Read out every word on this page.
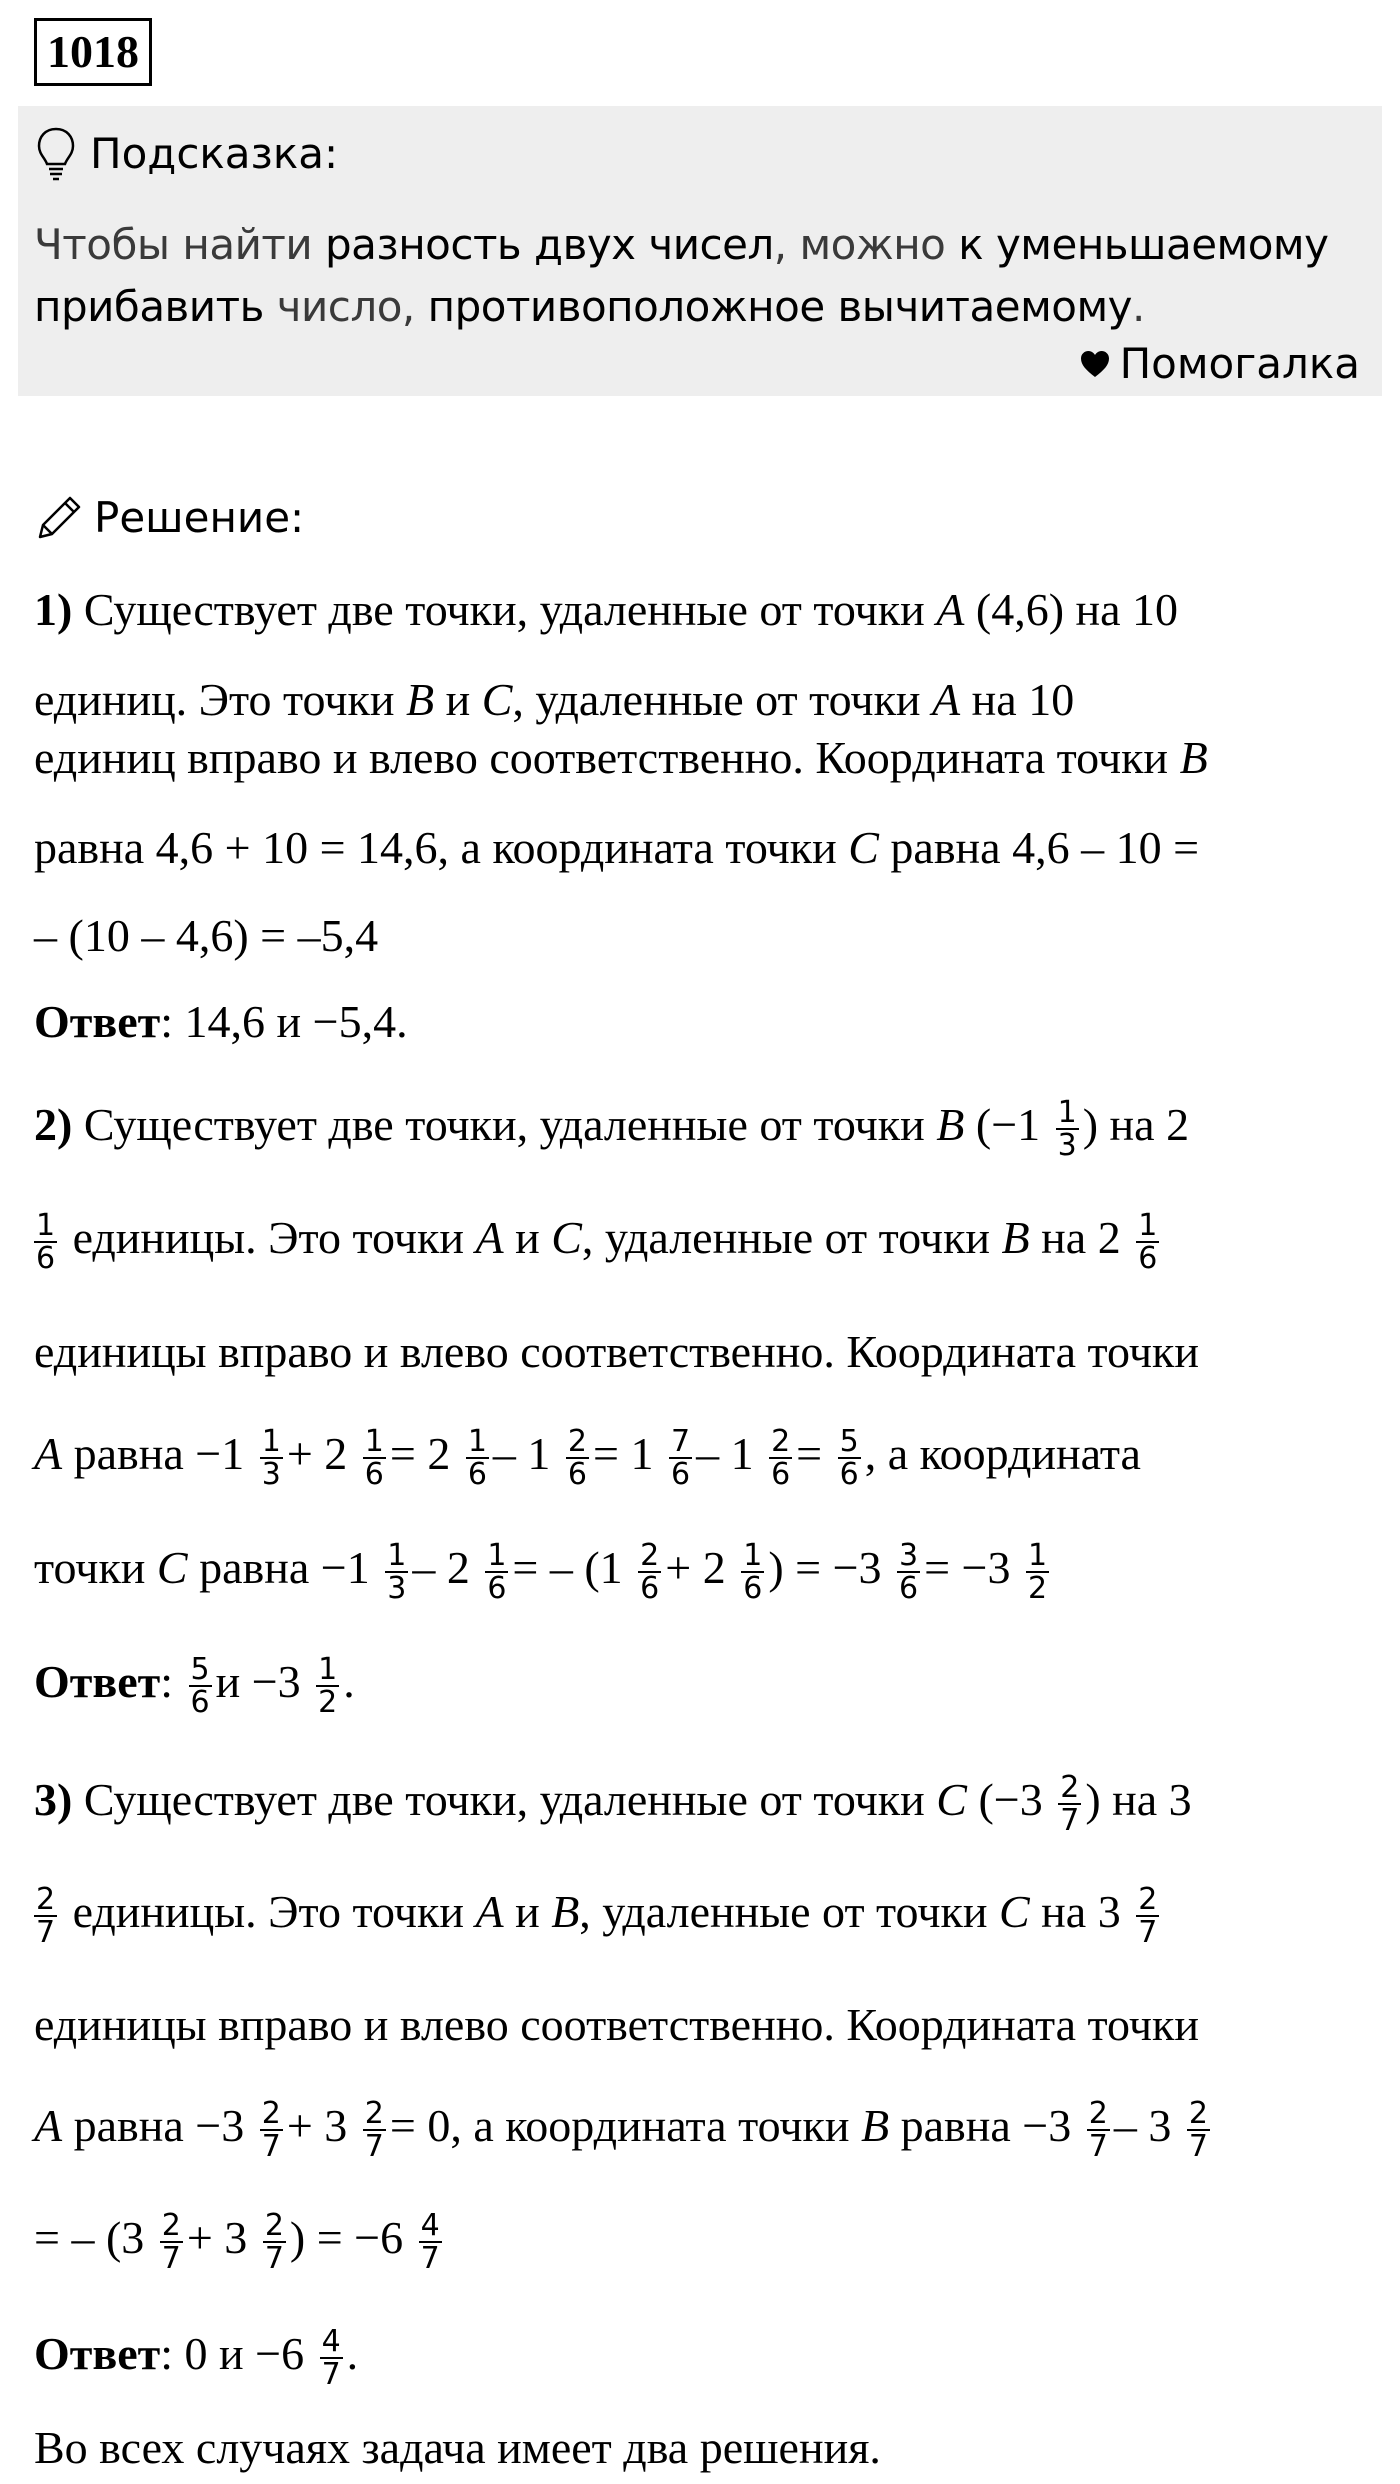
1018
Подсказка:
Чтобы найти разность двух чисел, можно к уменьшаемому
прибавить число, противоположное вычитаемому.
Помогалка
Решение:
1) Существует две точки, удаленные от точки A (4,6) на 10
единиц. Это точки B и C, удаленные от точки A на 10
единиц вправо и влево соответственно. Координата точки B
равна 4,6 + 10 = 14,6, а координата точки C равна 4,6 – 10 =
– (10 – 4,6) = –5,4
Ответ: 14,6 и −5,4.
2) Существует две точки, удаленные от точки B ($-1 \frac{1}{3}$ ) на 2
$\frac{1}{6}$ единицы. Это точки A и C, удаленные от точки B на $2 \frac{1}{6}$
единицы вправо и влево соответственно. Координата точки
A равна $-1 \frac{1}{3} + 2 \frac{1}{6} = 2 \frac{1}{6} - 1 \frac{2}{6} = 1 \frac{7}{6} - 1 \frac{2}{6} = \frac{5}{6}$ , а координата
точки C равна $-1 \frac{1}{3} - 2 \frac{1}{6}$ = – ($1 \frac{2}{6} + 2 \frac{1}{6}$ ) = $-3 \frac{3}{6} = -3 \frac{1}{2}$
Ответ: $\frac{5}{6}$ $и -3 \frac{1}{2}$ .
3) Существует две точки, удаленные от точки C ($-3 \frac{2}{7}$ ) на 3
$\frac{2}{7}$ единицы. Это точки A и B, удаленные от точки C на $3 \frac{2}{7}$
единицы вправо и влево соответственно. Координата точки
A равна $-3 \frac{2}{7} + 3 \frac{2}{7} = 0$, а координата точки B равна $-3 \frac{2}{7} - 3 \frac{2}{7}$
= – ($3 \frac{2}{7} + 3 \frac{2}{7}$ ) = $-6 \frac{4}{7}$
Ответ: 0 $и -6 \frac{4}{7}$ .
Во всех случаях задача имеет два решения.
